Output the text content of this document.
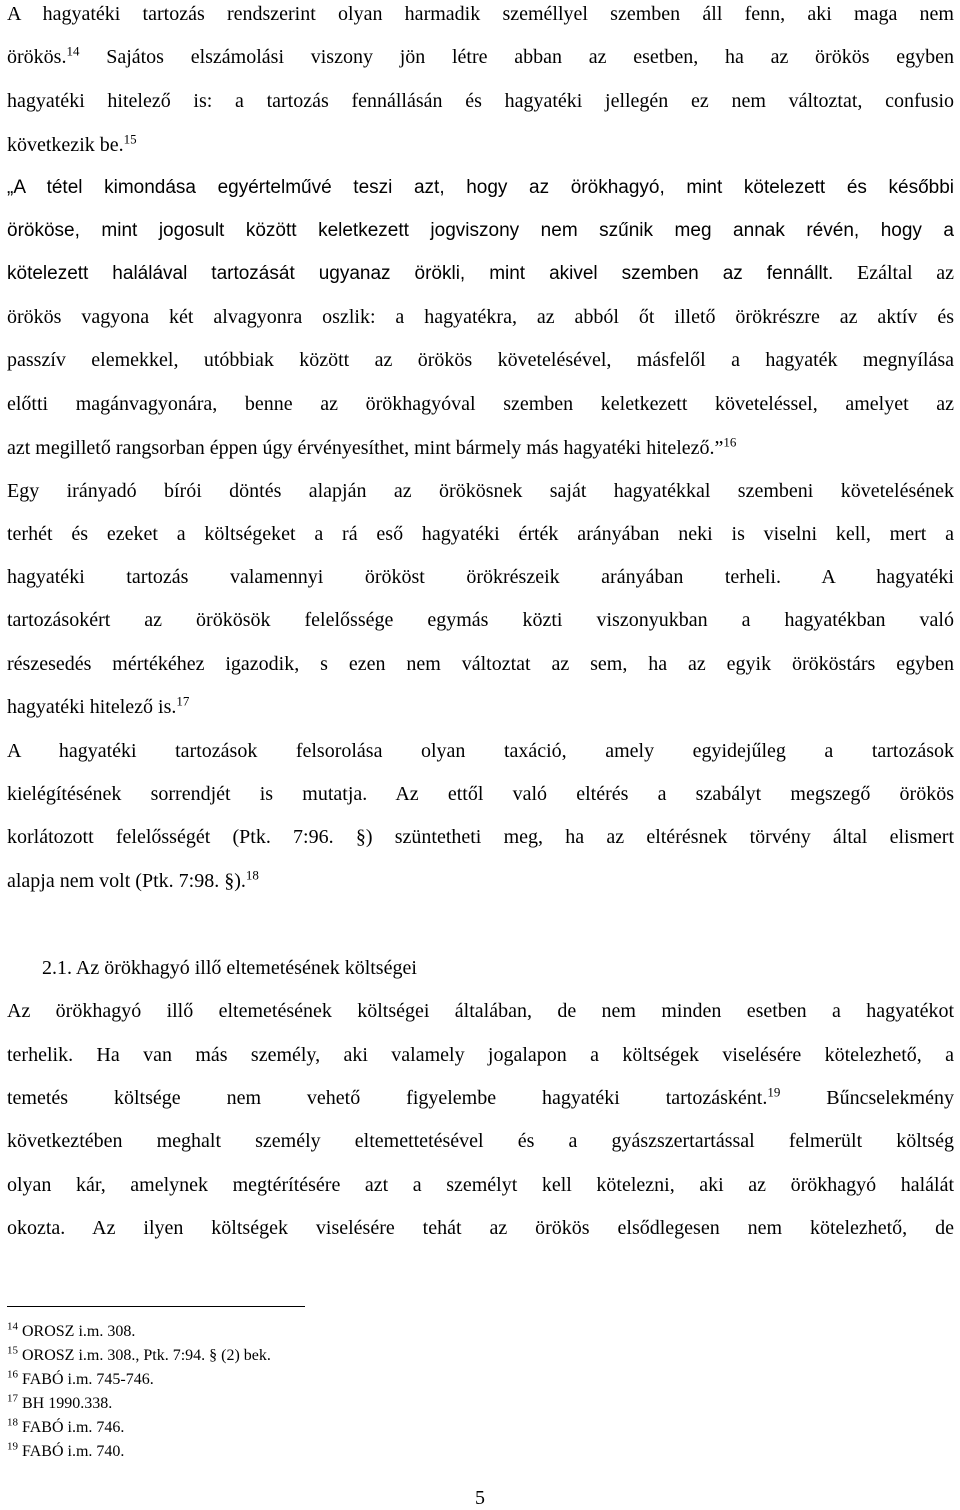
A hagyatéki tartozás rendszerint olyan harmadik személlyel szemben áll fenn, aki maga nem
örökös.$^{14}$ Sajátos elszámolási viszony jön létre abban az esetben, ha az örökös egyben
hagyatéki hitelező is: a tartozás fennállásán és hagyatéki jellegén ez nem változtat, confusio
következik be.$^{15}$
„A tétel kimondása egyértelművé teszi azt, hogy az örökhagyó, mint kötelezett és későbbi
örököse, mint jogosult között keletkezett jogviszony nem szűnik meg annak révén, hogy a
kötelezett halálával tartozását ugyanaz örökli, mint akivel szemben az fennállt. Ezáltal az
örökös vagyona két alvagyonra oszlik: a hagyatékra, az abból őt illető örökrészre az aktív és
passzív elemekkel, utóbbiak között az örökös követelésével, másfelől a hagyaték megnyílása
előtti magánvagyonára, benne az örökhagyóval szemben keletkezett követeléssel, amelyet az
azt megillető rangsorban éppen úgy érvényesíthet, mint bármely más hagyatéki hitelező.”$^{16}$
Egy irányadó bírói döntés alapján az örökösnek saját hagyatékkal szembeni követelésének
terhét és ezeket a költségeket a rá eső hagyatéki érték arányában neki is viselni kell, mert a
hagyatéki tartozás valamennyi örököst örökrészeik arányában terheli. A hagyatéki
tartozásokért az örökösök felelőssége egymás közti viszonyukban a hagyatékban való
részesedés mértékéhez igazodik, s ezen nem változtat az sem, ha az egyik örököstárs egyben
hagyatéki hitelező is.$^{17}$
A hagyatéki tartozások felsorolása olyan taxáció, amely egyidejűleg a tartozások
kielégítésének sorrendjét is mutatja. Az ettől való eltérés a szabályt megszegő örökös
korlátozott felelősségét (Ptk. 7:96. §) szüntetheti meg, ha az eltérésnek törvény által elismert
alapja nem volt (Ptk. 7:98. §).$^{18}$
2.1. Az örökhagyó illő eltemetésének költségei
Az örökhagyó illő eltemetésének költségei általában, de nem minden esetben a hagyatékot
terhelik. Ha van más személy, aki valamely jogalapon a költségek viselésére kötelezhető, a
temetés költsége nem vehető figyelembe hagyatéki tartozásként.$^{19}$ Bűncselekmény
következtében meghalt személy eltemettetésével és a gyászszertartással felmerült költség
olyan kár, amelynek megtérítésére azt a személyt kell kötelezni, aki az örökhagyó halálát
okozta. Az ilyen költségek viselésére tehát az örökös elsődlegesen nem kötelezhető, de
$^{14}$ OROSZ i.m. 308.
$^{15}$ OROSZ i.m. 308., Ptk. 7:94. § (2) bek.
$^{16}$ FABÓ i.m. 745-746.
$^{17}$ BH 1990.338.
$^{18}$ FABÓ i.m. 746.
$^{19}$ FABÓ i.m. 740.
5
